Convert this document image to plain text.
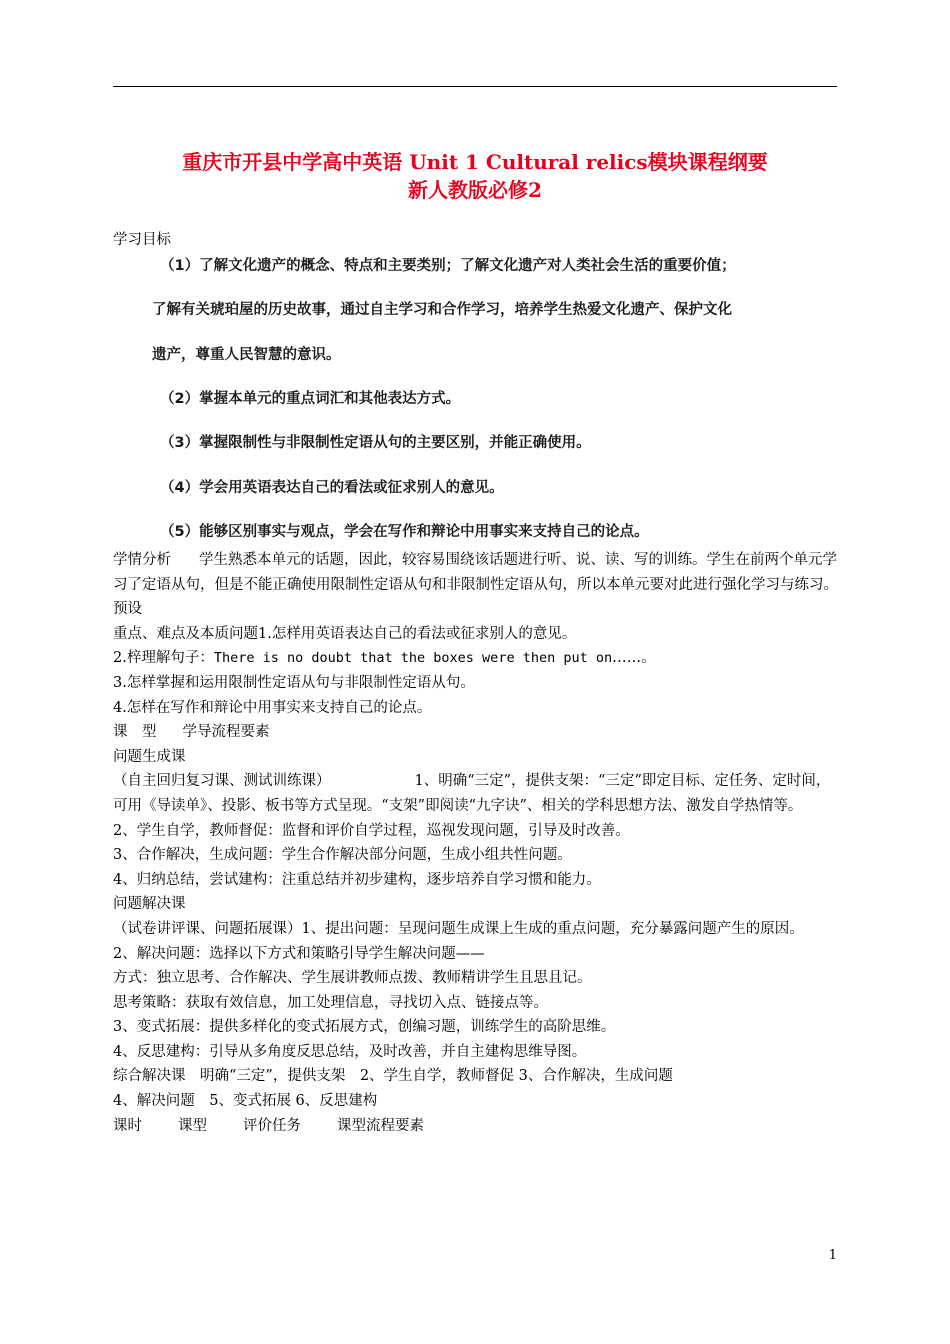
重庆市开县中学高中英语 Unit 1 Cultural relics模块课程纲要
新人教版必修2
学习目标
（1）了解文化遗产的概念、特点和主要类别；了解文化遗产对人类社会生活的重要价值；
了解有关琥珀屋的历史故事，通过自主学习和合作学习，培养学生热爱文化遗产、保护文化
遗产，尊重人民智慧的意识。
（2）掌握本单元的重点词汇和其他表达方式。
（3）掌握限制性与非限制性定语从句的主要区别，并能正确使用。
（4）学会用英语表达自己的看法或征求别人的意见。
（5）能够区别事实与观点，学会在写作和辩论中用事实来支持自己的论点。

学情分析 学生熟悉本单元的话题，因此，较容易围绕该话题进行听、说、读、写的训练。学生在前两个单元学习了定语从句，但是不能正确使用限制性定语从句和非限制性定语从句，所以本单元要对此进行强化学习与练习。

预设

重点、难点及本质问题1.怎样用英语表达自己的看法或征求别人的意见。

2.梓理解句子：There is no doubt that the boxes were then put on……。

3.怎样掌握和运用限制性定语从句与非限制性定语从句。

4.怎样在写作和辩论中用事实来支持自己的论点。

课　型 学导流程要素

问题生成课

（自主回归复习课、测试训练课）	1、明确“三定”，提供支架：“三定”即定目标、定任务、定时间，可用《导读单》、投影、板书等方式呈现。“支架”即阅读“九字诀”、相关的学科思想方法、激发自学热情等。

2、学生自学，教师督促：监督和评价自学过程，巡视发现问题，引导及时改善。

3、合作解决，生成问题：学生合作解决部分问题，生成小组共性问题。

4、归纳总结，尝试建构：注重总结并初步建构，逐步培养自学习惯和能力。

问题解决课

（试卷讲评课、问题拓展课）1、提出问题：呈现问题生成课上生成的重点问题，充分暴露问题产生的原因。

2、解决问题：选择以下方式和策略引导学生解决问题——

方式：独立思考、合作解决、学生展讲教师点拨、教师精讲学生且思且记。

思考策略：获取有效信息，加工处理信息，寻找切入点、链接点等。

3、变式拓展：提供多样化的变式拓展方式，创编习题，训练学生的高阶思维。

4、反思建构：引导从多角度反思总结，及时改善，并自主建构思维导图。

综合解决课　明确“三定”，提供支架　2、学生自学，教师督促 3、合作解决，生成问题

4、解决问题　5、变式拓展 6、反思建构

课时 课型 评价任务 课型流程要素

1
